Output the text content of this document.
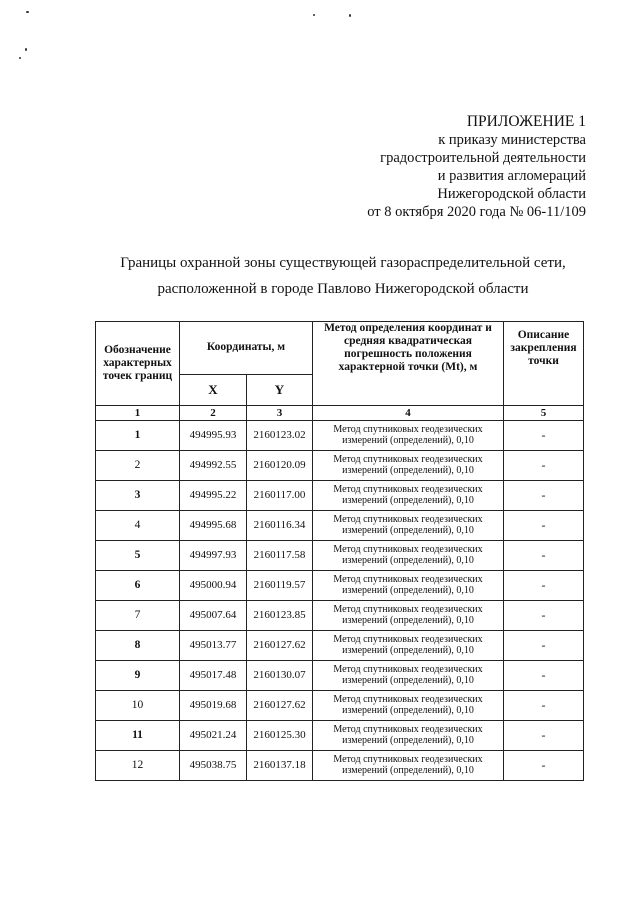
ПРИЛОЖЕНИЕ 1
к приказу министерства
градостроительной деятельности
и развития агломераций
Нижегородской области
от 8 октября 2020 года № 06-11/109
Границы охранной зоны существующей газораспределительной сети,
расположенной в городе Павлово Нижегородской области
Обозначение характерных точек границ	Координаты, м		Метод определения координат и средняя квадратическая погрешность положения характерной точки (Mt), м	Описание закрепления точки
	X	Y		
1	2	3	4	5
1	494995.93	2160123.02	Метод спутниковых геодезических измерений (определений), 0,10	-
2	494992.55	2160120.09	Метод спутниковых геодезических измерений (определений), 0,10	-
3	494995.22	2160117.00	Метод спутниковых геодезических измерений (определений), 0,10	-
4	494995.68	2160116.34	Метод спутниковых геодезических измерений (определений), 0,10	-
5	494997.93	2160117.58	Метод спутниковых геодезических измерений (определений), 0,10	-
6	495000.94	2160119.57	Метод спутниковых геодезических измерений (определений), 0,10	-
7	495007.64	2160123.85	Метод спутниковых геодезических измерений (определений), 0,10	-
8	495013.77	2160127.62	Метод спутниковых геодезических измерений (определений), 0,10	-
9	495017.48	2160130.07	Метод спутниковых геодезических измерений (определений), 0,10	-
10	495019.68	2160127.62	Метод спутниковых геодезических измерений (определений), 0,10	-
11	495021.24	2160125.30	Метод спутниковых геодезических измерений (определений), 0,10	-
12	495038.75	2160137.18	Метод спутниковых геодезических измерений (определений), 0,10	-
